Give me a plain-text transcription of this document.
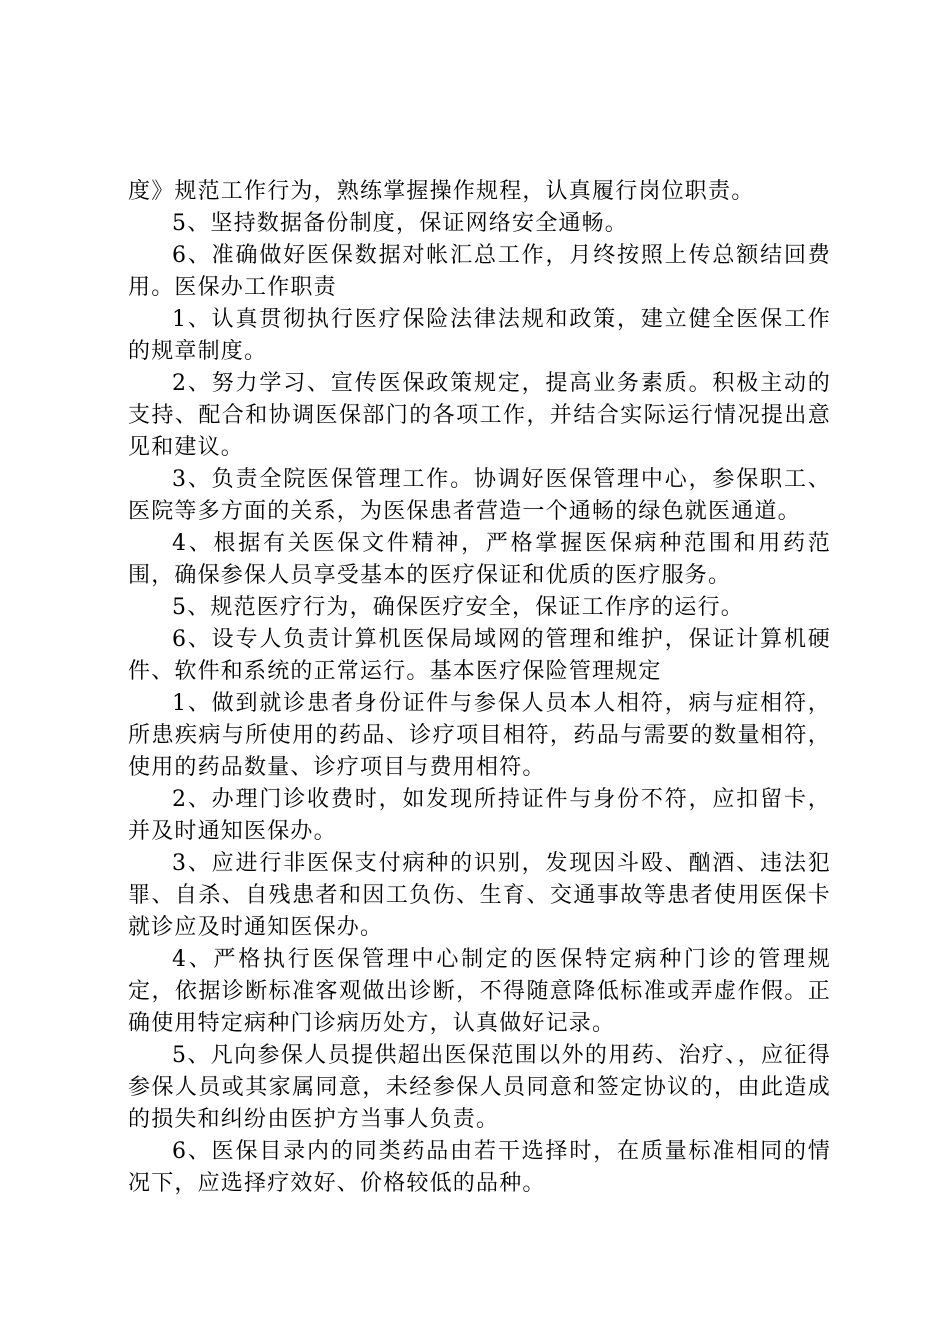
度》规范工作行为，熟练掌握操作规程，认真履行岗位职责。

5、坚持数据备份制度，保证网络安全通畅。

6、准确做好医保数据对帐汇总工作，月终按照上传总额结回费用。医保办工作职责

1、认真贯彻执行医疗保险法律法规和政策，建立健全医保工作的规章制度。

2、努力学习、宣传医保政策规定，提高业务素质。积极主动的支持、配合和协调医保部门的各项工作，并结合实际运行情况提出意见和建议。

3、负责全院医保管理工作。协调好医保管理中心，参保职工、医院等多方面的关系，为医保患者营造一个通畅的绿色就医通道。

4、根据有关医保文件精神，严格掌握医保病种范围和用药范围，确保参保人员享受基本的医疗保证和优质的医疗服务。

5、规范医疗行为，确保医疗安全，保证工作序的运行。

6、设专人负责计算机医保局域网的管理和维护，保证计算机硬件、软件和系统的正常运行。基本医疗保险管理规定

1、做到就诊患者身份证件与参保人员本人相符，病与症相符，所患疾病与所使用的药品、诊疗项目相符，药品与需要的数量相符，使用的药品数量、诊疗项目与费用相符。

2、办理门诊收费时，如发现所持证件与身份不符，应扣留卡，并及时通知医保办。

3、应进行非医保支付病种的识别，发现因斗殴、酗酒、违法犯罪、自杀、自残患者和因工负伤、生育、交通事故等患者使用医保卡就诊应及时通知医保办。

4、严格执行医保管理中心制定的医保特定病种门诊的管理规定，依据诊断标准客观做出诊断，不得随意降低标准或弄虚作假。正确使用特定病种门诊病历处方，认真做好记录。

5、凡向参保人员提供超出医保范围以外的用药、治疗、，应征得参保人员或其家属同意，未经参保人员同意和签定协议的，由此造成的损失和纠纷由医护方当事人负责。

6、医保目录内的同类药品由若干选择时，在质量标准相同的情况下，应选择疗效好、价格较低的品种。
